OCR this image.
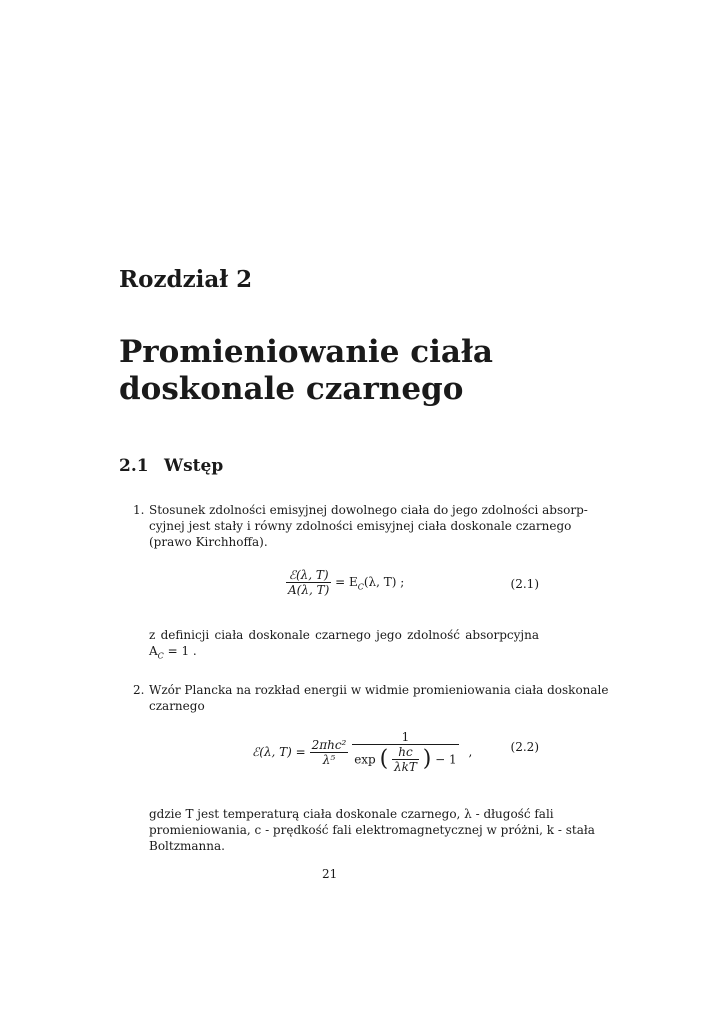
Rozdział 2
Promieniowanie ciała
doskonale czarnego
2.1 Wstęp
1. Stosunek zdolności emisyjnej dowolnego ciała do jego zdolności absorp-
cyjnej jest stały i równy zdolności emisyjnej ciała doskonale czarnego
(prawo Kirchhoffa).
$\frac{\text{ℰ(λ, T)}}{A(\lambda, T)} = E_C(\lambda$, T) ;	(2.1)
z definicji ciała doskonale czarnego jego zdolność absorpcyjna $A_C = 1$ .
2. Wzór Plancka na rozkład energii w widmie promieniowania ciała doskonale
czarnego
ℰ(λ, $T) = \frac{\text{2πhc²}}{\text{λ⁵}}$

1
exp ( $\frac{hc}{\text{λkT}}$ ) − 1
,	(2.2)
gdzie T jest temperaturą ciała doskonale czarnego, λ - długość fali
promieniowania, c - prędkość fali elektromagnetycznej w próżni, k - stała
Boltzmanna.
21
